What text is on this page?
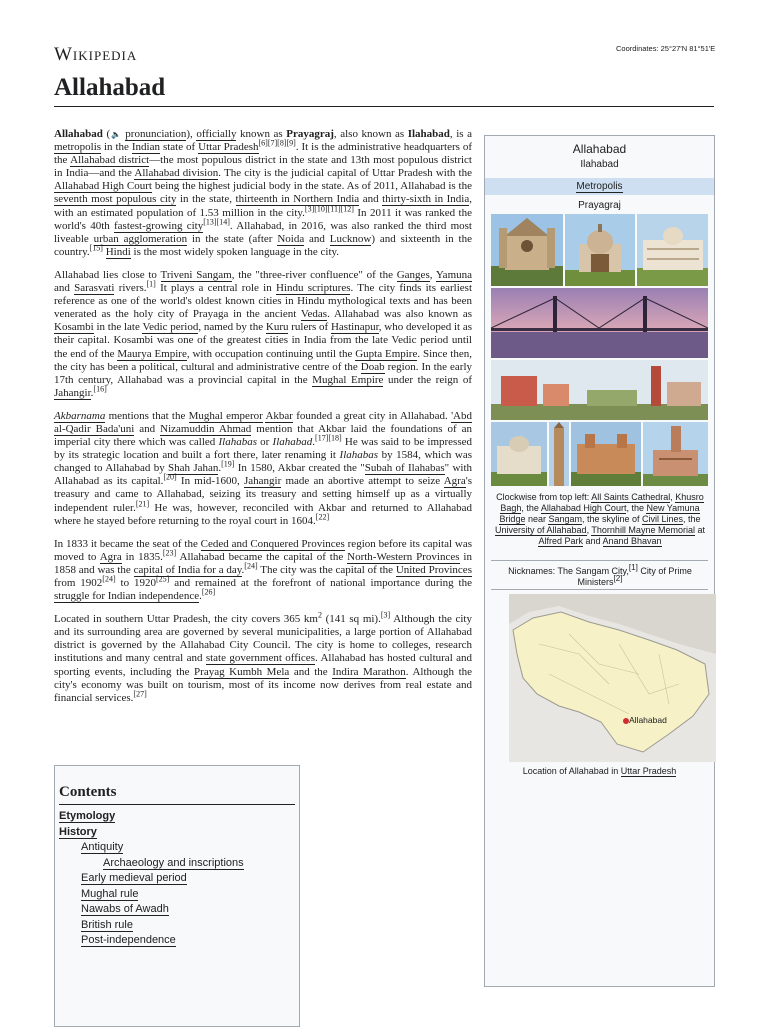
Wikipedia	Coordinates: 25°27′N 81°51′E
Allahabad

Allahabad (🔈 pronunciation), officially known as Prayagraj, also known as Ilahabad, is a metropolis in the Indian state of Uttar Pradesh[6][7][8][9]. It is the administrative headquarters of the Allahabad district—the most populous district in the state and 13th most populous district in India—and the Allahabad division. The city is the judicial capital of Uttar Pradesh with the Allahabad High Court being the highest judicial body in the state. As of 2011, Allahabad is the seventh most populous city in the state, thirteenth in Northern India and thirty-sixth in India, with an estimated population of 1.53 million in the city.[3][10][11][12] In 2011 it was ranked the world's 40th fastest-growing city[13][14]. Allahabad, in 2016, was also ranked the third most liveable urban agglomeration in the state (after Noida and Lucknow) and sixteenth in the country.[15] Hindi is the most widely spoken language in the city.

Allahabad lies close to Triveni Sangam, the "three-river confluence" of the Ganges, Yamuna and Sarasvati rivers.[1] It plays a central role in Hindu scriptures. The city finds its earliest reference as one of the world's oldest known cities in Hindu mythological texts and has been venerated as the holy city of Prayaga in the ancient Vedas. Allahabad was also known as Kosambi in the late Vedic period, named by the Kuru rulers of Hastinapur, who developed it as their capital. Kosambi was one of the greatest cities in India from the late Vedic period until the end of the Maurya Empire, with occupation continuing until the Gupta Empire. Since then, the city has been a political, cultural and administrative centre of the Doab region. In the early 17th century, Allahabad was a provincial capital in the Mughal Empire under the reign of Jahangir.[16]

Akbarnama mentions that the Mughal emperor Akbar founded a great city in Allahabad. 'Abd al-Qadir Bada'uni and Nizamuddin Ahmad mention that Akbar laid the foundations of an imperial city there which was called Ilahabas or Ilahabad.[17][18] He was said to be impressed by its strategic location and built a fort there, later renaming it Ilahabas by 1584, which was changed to Allahabad by Shah Jahan.[19] In 1580, Akbar created the "Subah of Ilahabas" with Allahabad as its capital.[20] In mid-1600, Jahangir made an abortive attempt to seize Agra's treasury and came to Allahabad, seizing its treasury and setting himself up as a virtually independent ruler.[21] He was, however, reconciled with Akbar and returned to Allahabad where he stayed before returning to the royal court in 1604.[22]

In 1833 it became the seat of the Ceded and Conquered Provinces region before its capital was moved to Agra in 1835.[23] Allahabad became the capital of the North-Western Provinces in 1858 and was the capital of India for a day.[24] The city was the capital of the United Provinces from 1902[24] to 1920[25] and remained at the forefront of national importance during the struggle for Indian independence.[26]

Located in southern Uttar Pradesh, the city covers 365 $km^2$ (141 sq mi).[3] Although the city and its surrounding area are governed by several municipalities, a large portion of Allahabad district is governed by the Allahabad City Council. The city is home to colleges, research institutions and many central and state government offices. Allahabad has hosted cultural and sporting events, including the Prayag Kumbh Mela and the Indira Marathon. Although the city's economy was built on tourism, most of its income now derives from real estate and financial services.[27]

Allahabad
Ilahabad
Metropolis
Prayagraj
Clockwise from top left: All Saints Cathedral, Khusro Bagh, the Allahabad High Court, the New Yamuna Bridge near Sangam, the skyline of Civil Lines, the University of Allahabad, Thornhill Mayne Memorial at Alfred Park and Anand Bhavan
Nicknames: The Sangam City,[1] City of Prime Ministers[2]
Allahabad
Location of Allahabad in Uttar Pradesh
Contents
Etymology
History
Antiquity
Archaeology and inscriptions
Early medieval period
Mughal rule
Nawabs of Awadh
British rule
Post-independence
